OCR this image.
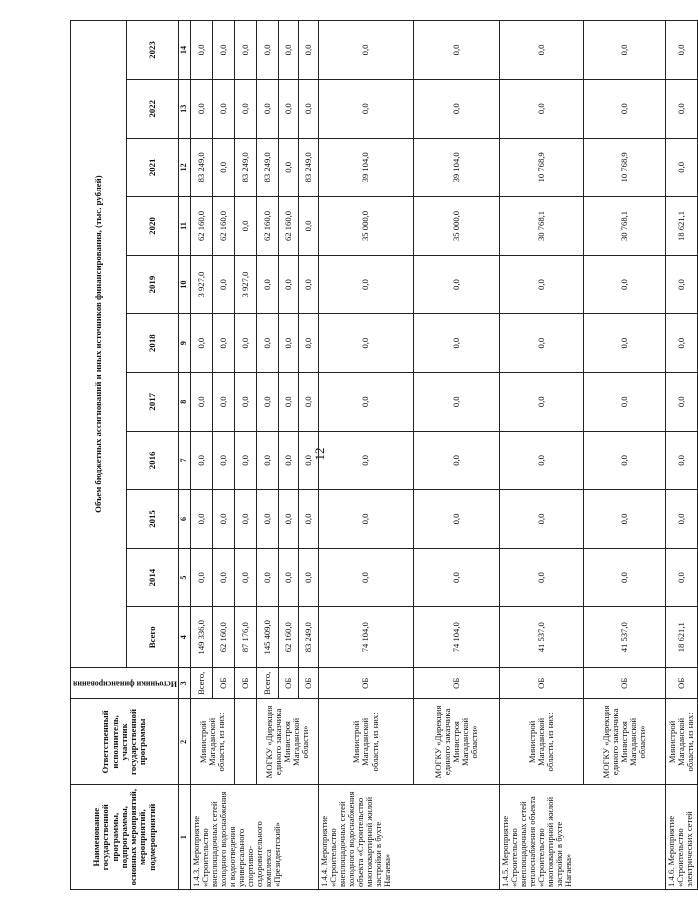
12
Наименование государственной программы, подпрограммы, основных мероприятий, мероприятий, подмероприятий	Ответственный исполнитель, участник государственной программы	Источники финансирования	Объем бюджетных ассигнований и иных источников финансирования, (тыс. рублей)										
			Всего	2014	2015	2016	2017	2018	2019	2020	2021	2022	2023
1	2	3	4	5	6	7	8	9	10	11	12	13	14
1.4.3. Мероприятие «Строительство внеплощадочных сетей холодного водоснабжения и водоотведения универсального спортивно-оздоровительного комплекса «Президентский»	Министрой Магаданской области, из них:	Всего,	149 336,0	0,0	0,0	0,0	0,0	0,0	3 927,0	62 160,0	83 249,0	0,0	0,0
		ОБ	62 160,0	0,0	0,0	0,0	0,0	0,0	0,0	62 160,0	0,0	0,0	0,0
		ОБ	87 176,0	0,0	0,0	0,0	0,0	0,0	3 927,0	0,0	83 249,0	0,0	0,0
	МОГКУ «Дирекция единого заказчика Министроя Магаданской области»	Всего,	145 409,0	0,0	0,0	0,0	0,0	0,0	0,0	62 160,0	83 249,0	0,0	0,0
		ОБ	62 160,0	0,0	0,0	0,0	0,0	0,0	0,0	62 160,0	0,0	0,0	0,0
		ОБ	83 249,0	0,0	0,0	0,0	0,0	0,0	0,0	0,0	83 249,0	0,0	0,0
1.4.4. Мероприятие «Строительство внеплощадочных сетей холодного водоснабжения объекта «Строительство многоквартирной жилой застройки в бухте Нагаева»	Министрой Магаданской области, из них:	ОБ	74 104,0	0,0	0,0	0,0	0,0	0,0	0,0	35 000,0	39 104,0	0,0	0,0
	МОГКУ «Дирекция единого заказчика Министроя Магаданской области»	ОБ	74 104,0	0,0	0,0	0,0	0,0	0,0	0,0	35 000,0	39 104,0	0,0	0,0
1.4.5. Мероприятие «Строительство внеплощадочных сетей теплоснабжения объекта «Строительство многоквартирной жилой застройки в бухте Нагаева»	Министрой Магаданской области, из них:	ОБ	41 537,0	0,0	0,0	0,0	0,0	0,0	0,0	30 768,1	10 768,9	0,0	0,0
	МОГКУ «Дирекция единого заказчика Министроя Магаданской области»	ОБ	41 537,0	0,0	0,0	0,0	0,0	0,0	0,0	30 768,1	10 768,9	0,0	0,0
1.4.6. Мероприятие «Строительство электрических сетей	Министрой Магаданской области, из них:	ОБ	18 621,1	0,0	0,0	0,0	0,0	0,0	0,0	18 621,1	0,0	0,0	0,0
